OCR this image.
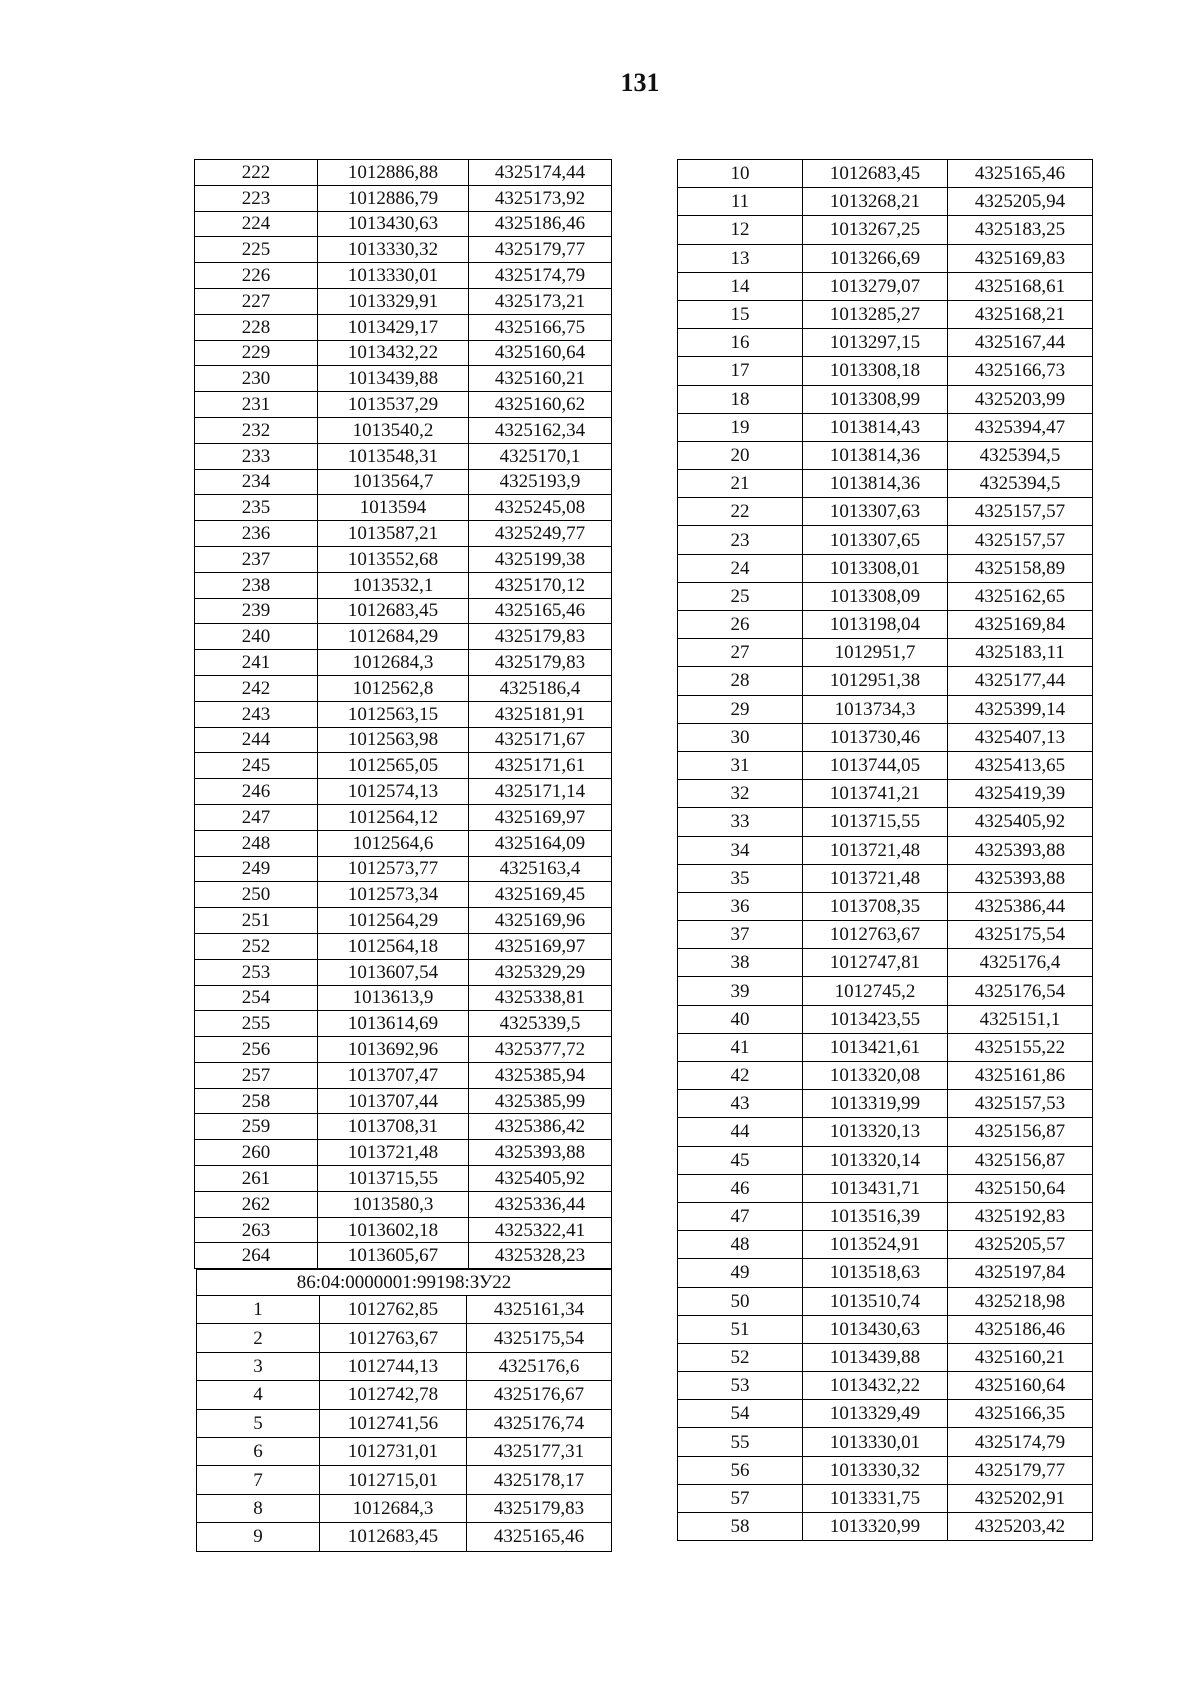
131
222	1012886,88	4325174,44
223	1012886,79	4325173,92
224	1013430,63	4325186,46
225	1013330,32	4325179,77
226	1013330,01	4325174,79
227	1013329,91	4325173,21
228	1013429,17	4325166,75
229	1013432,22	4325160,64
230	1013439,88	4325160,21
231	1013537,29	4325160,62
232	1013540,2	4325162,34
233	1013548,31	4325170,1
234	1013564,7	4325193,9
235	1013594	4325245,08
236	1013587,21	4325249,77
237	1013552,68	4325199,38
238	1013532,1	4325170,12
239	1012683,45	4325165,46
240	1012684,29	4325179,83
241	1012684,3	4325179,83
242	1012562,8	4325186,4
243	1012563,15	4325181,91
244	1012563,98	4325171,67
245	1012565,05	4325171,61
246	1012574,13	4325171,14
247	1012564,12	4325169,97
248	1012564,6	4325164,09
249	1012573,77	4325163,4
250	1012573,34	4325169,45
251	1012564,29	4325169,96
252	1012564,18	4325169,97
253	1013607,54	4325329,29
254	1013613,9	4325338,81
255	1013614,69	4325339,5
256	1013692,96	4325377,72
257	1013707,47	4325385,94
258	1013707,44	4325385,99
259	1013708,31	4325386,42
260	1013721,48	4325393,88
261	1013715,55	4325405,92
262	1013580,3	4325336,44
263	1013602,18	4325322,41
264	1013605,67	4325328,23
86:04:0000001:99198:ЗУ22
1	1012762,85	4325161,34
2	1012763,67	4325175,54
3	1012744,13	4325176,6
4	1012742,78	4325176,67
5	1012741,56	4325176,74
6	1012731,01	4325177,31
7	1012715,01	4325178,17
8	1012684,3	4325179,83
9	1012683,45	4325165,46
10	1012683,45	4325165,46
11	1013268,21	4325205,94
12	1013267,25	4325183,25
13	1013266,69	4325169,83
14	1013279,07	4325168,61
15	1013285,27	4325168,21
16	1013297,15	4325167,44
17	1013308,18	4325166,73
18	1013308,99	4325203,99
19	1013814,43	4325394,47
20	1013814,36	4325394,5
21	1013814,36	4325394,5
22	1013307,63	4325157,57
23	1013307,65	4325157,57
24	1013308,01	4325158,89
25	1013308,09	4325162,65
26	1013198,04	4325169,84
27	1012951,7	4325183,11
28	1012951,38	4325177,44
29	1013734,3	4325399,14
30	1013730,46	4325407,13
31	1013744,05	4325413,65
32	1013741,21	4325419,39
33	1013715,55	4325405,92
34	1013721,48	4325393,88
35	1013721,48	4325393,88
36	1013708,35	4325386,44
37	1012763,67	4325175,54
38	1012747,81	4325176,4
39	1012745,2	4325176,54
40	1013423,55	4325151,1
41	1013421,61	4325155,22
42	1013320,08	4325161,86
43	1013319,99	4325157,53
44	1013320,13	4325156,87
45	1013320,14	4325156,87
46	1013431,71	4325150,64
47	1013516,39	4325192,83
48	1013524,91	4325205,57
49	1013518,63	4325197,84
50	1013510,74	4325218,98
51	1013430,63	4325186,46
52	1013439,88	4325160,21
53	1013432,22	4325160,64
54	1013329,49	4325166,35
55	1013330,01	4325174,79
56	1013330,32	4325179,77
57	1013331,75	4325202,91
58	1013320,99	4325203,42
